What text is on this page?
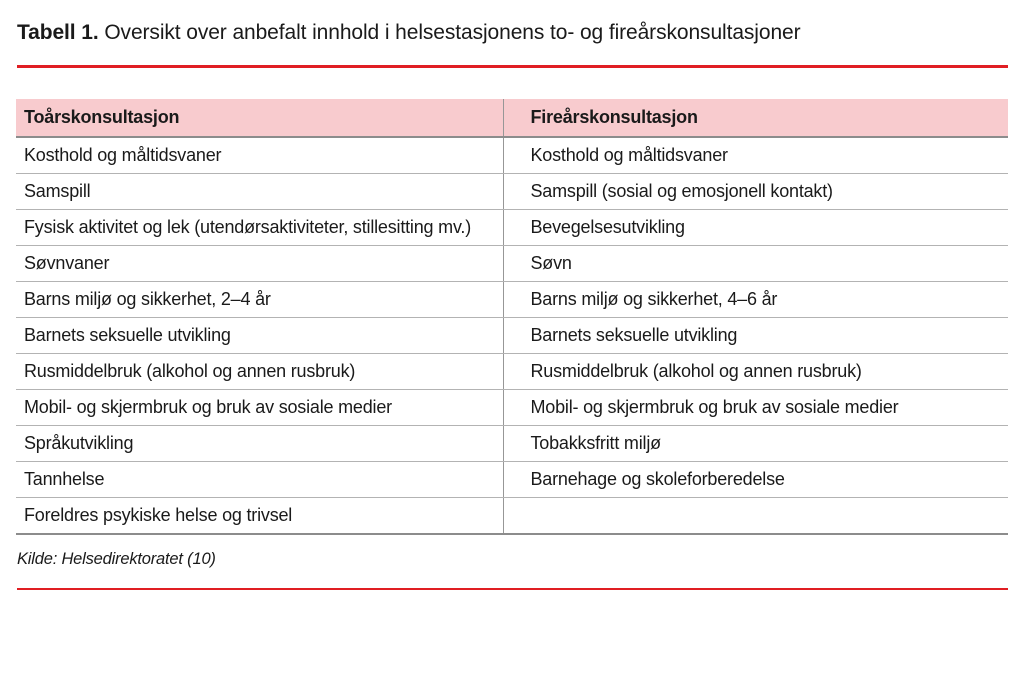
Tabell 1. Oversikt over anbefalt innhold i helsestasjonens to- og fireårskonsultasjoner

Toårskonsultasjon	Fireårskonsultasjon
Kosthold og måltidsvaner	Kosthold og måltidsvaner
Samspill	Samspill (sosial og emosjonell kontakt)
Fysisk aktivitet og lek (utendørsaktiviteter, stillesitting mv.)	Bevegelsesutvikling
Søvnvaner	Søvn
Barns miljø og sikkerhet, 2–4 år	Barns miljø og sikkerhet, 4–6 år
Barnets seksuelle utvikling	Barnets seksuelle utvikling
Rusmiddelbruk (alkohol og annen rusbruk)	Rusmiddelbruk (alkohol og annen rusbruk)
Mobil- og skjermbruk og bruk av sosiale medier	Mobil- og skjermbruk og bruk av sosiale medier
Språkutvikling	Tobakksfritt miljø
Tannhelse	Barnehage og skoleforberedelse
Foreldres psykiske helse og trivsel	

Kilde: Helsedirektoratet (10)
